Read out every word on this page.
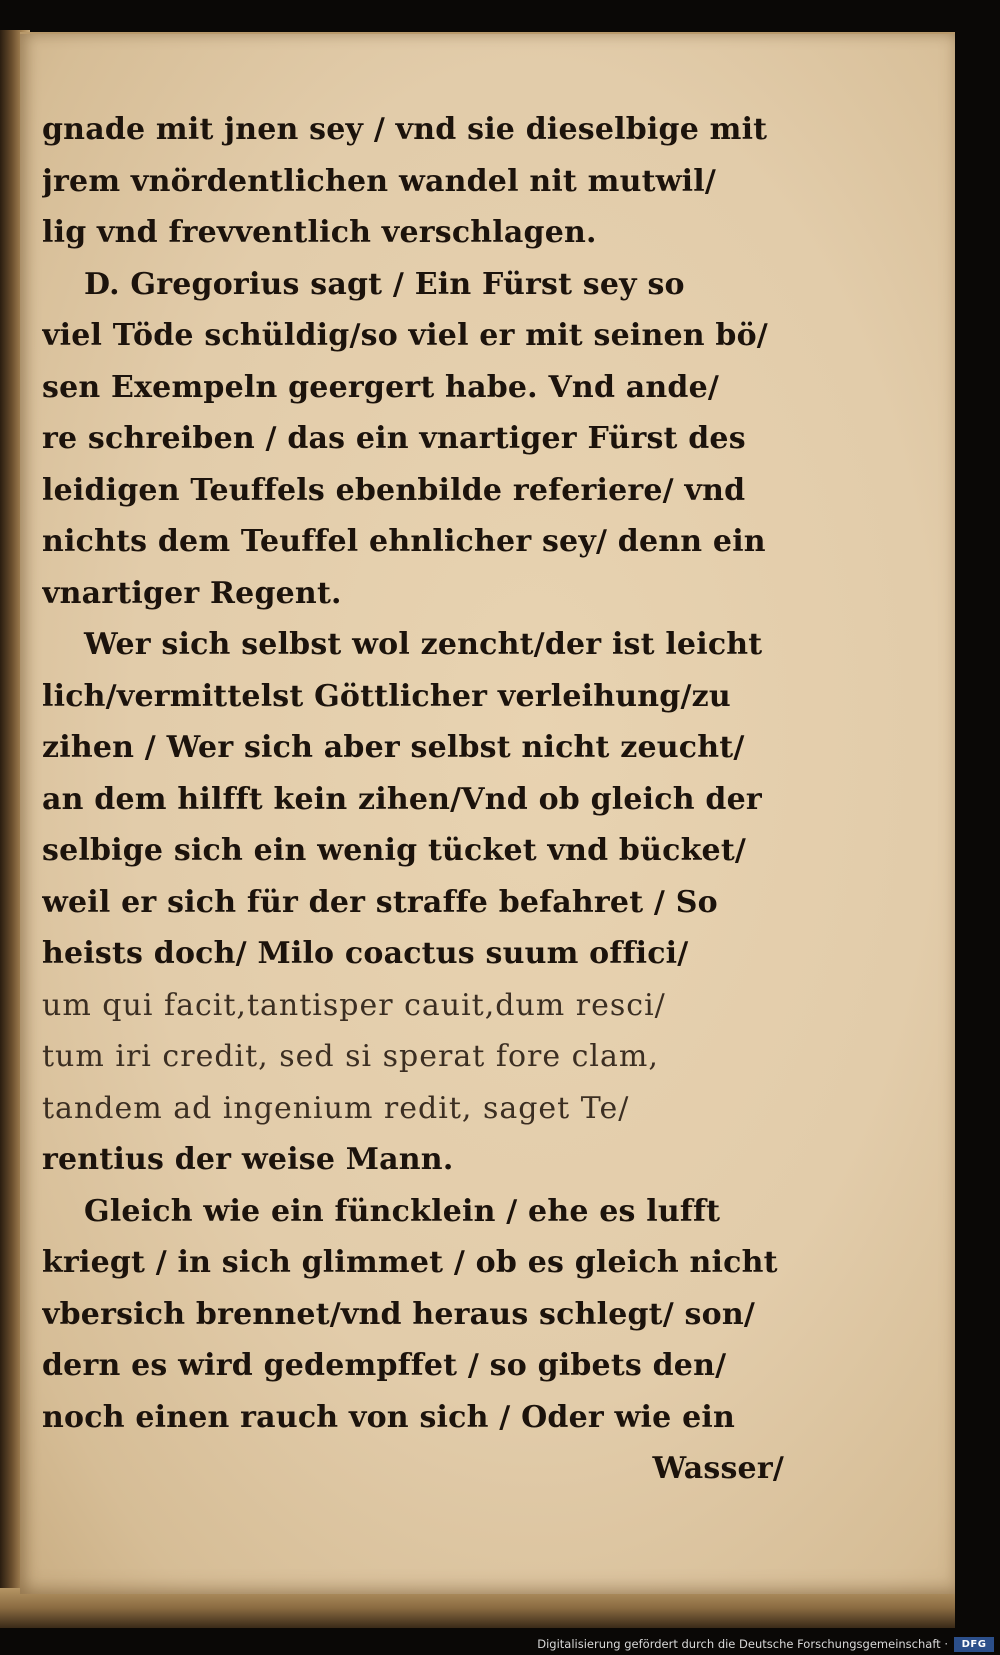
gnade mit jnen sey / vnd sie dieselbige mit
jrem vnördentlichen wandel nit mutwil/
lig vnd frevventlich verschlagen.
D. Gregorius sagt / Ein Fürst sey so
viel Töde schüldig/so viel er mit seinen bö/
sen Exempeln geergert habe. Vnd ande/
re schreiben / das ein vnartiger Fürst des
leidigen Teuffels ebenbilde referiere/ vnd
nichts dem Teuffel ehnlicher sey/ denn ein
vnartiger Regent.
Wer sich selbst wol zencht/der ist leicht
lich/vermittelst Göttlicher verleihung/zu
zihen / Wer sich aber selbst nicht zeucht/
an dem hilfft kein zihen/Vnd ob gleich der
selbige sich ein wenig tücket vnd bücket/
weil er sich für der straffe befahret / So
heists doch/ Milo coactus suum offici/
um qui facit,tantisper cauit,dum resci/
tum iri credit, sed si sperat fore clam,
tandem ad ingenium redit, saget Te/
rentius der weise Mann.
Gleich wie ein füncklein / ehe es lufft
kriegt / in sich glimmet / ob es gleich nicht
vbersich brennet/vnd heraus schlegt/ son/
dern es wird gedempffet / so gibets den/
noch einen rauch von sich / Oder wie ein
Wasser/
Digitalisierung gefördert durch die Deutsche Forschungsgemeinschaft ·	DFG
